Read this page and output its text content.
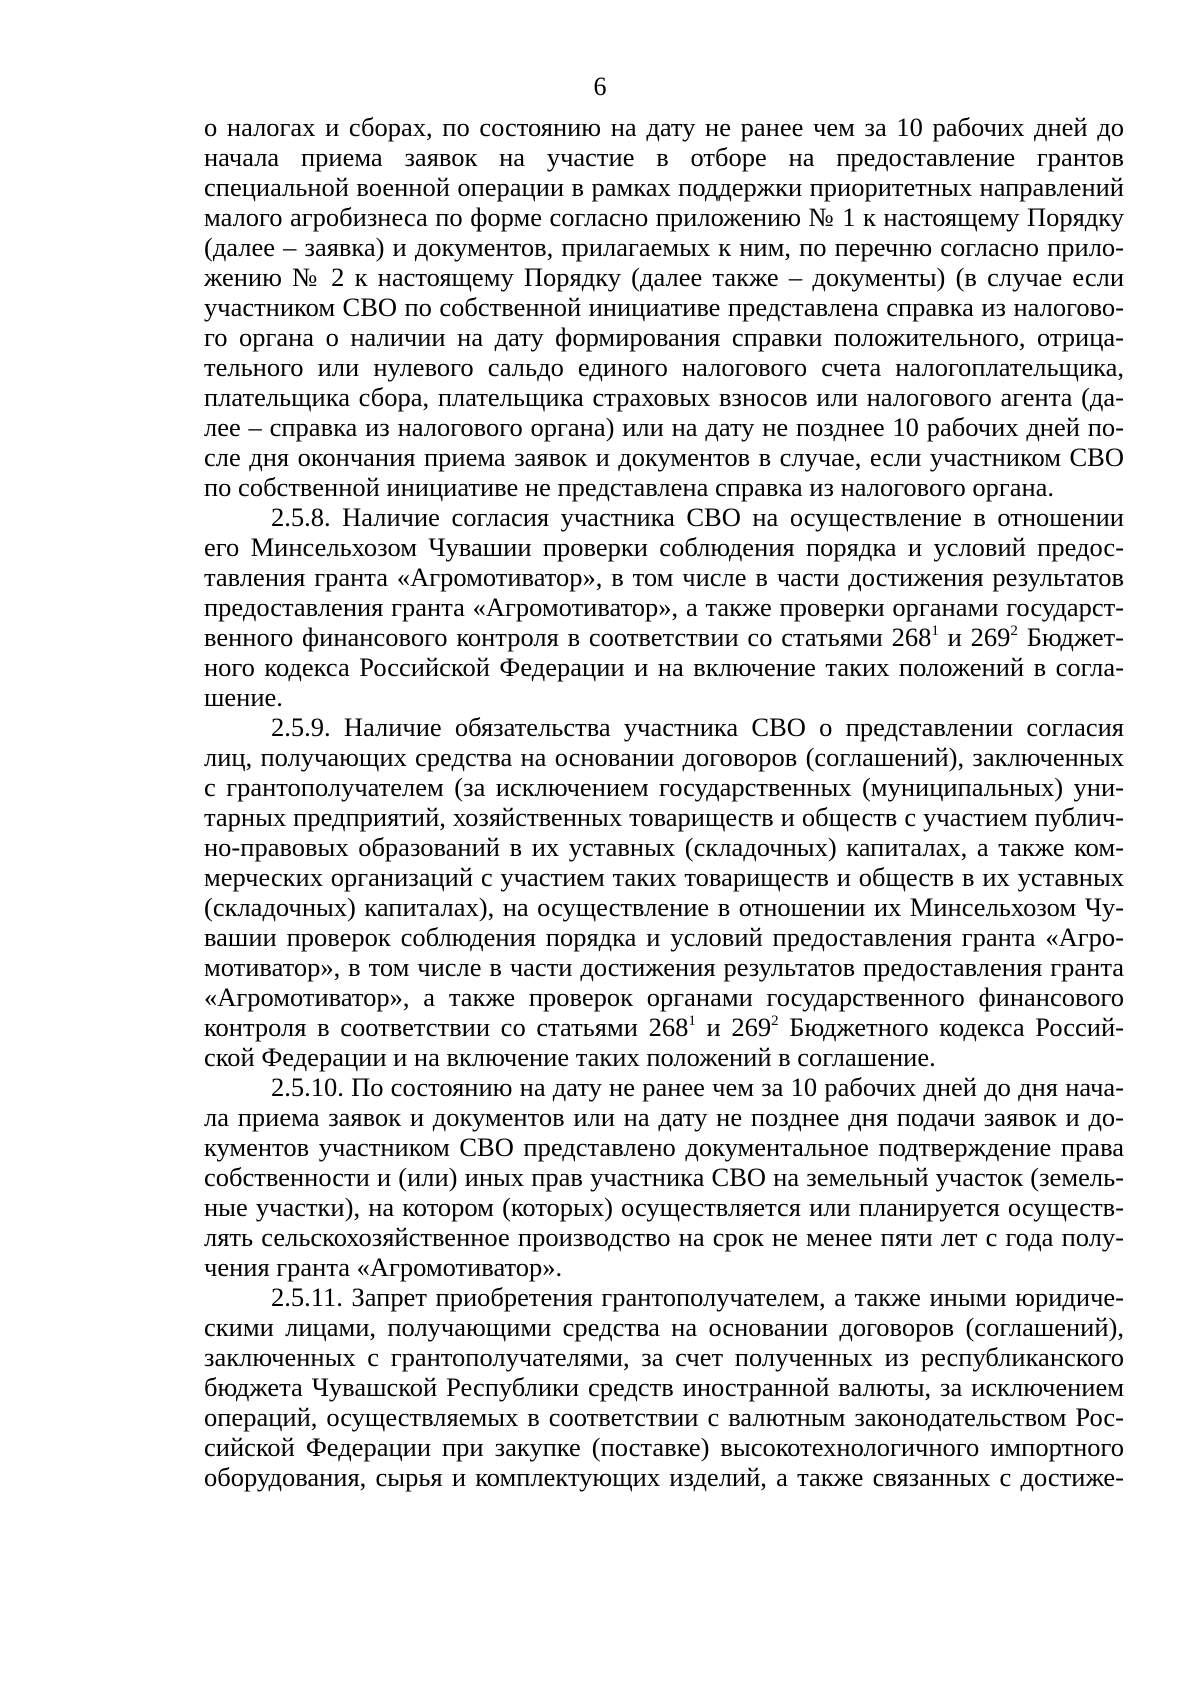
6
о налогах и сборах, по состоянию на дату не ранее чем за 10 рабочих дней до
начала приема заявок на участие в отборе на предоставление грантов
специальной военной операции в рамках поддержки приоритетных направлений
малого агробизнеса по форме согласно приложению № 1 к настоящему Порядку
(далее – заявка) и документов, прилагаемых к ним, по перечню согласно прило-
жению № 2 к настоящему Порядку (далее также – документы) (в случае если
участником СВО по собственной инициативе представлена справка из налогово-
го органа о наличии на дату формирования справки положительного, отрица-
тельного или нулевого сальдо единого налогового счета налогоплательщика,
плательщика сбора, плательщика страховых взносов или налогового агента (да-
лее – справка из налогового органа) или на дату не позднее 10 рабочих дней по-
сле дня окончания приема заявок и документов в случае, если участником СВО
по собственной инициативе не представлена справка из налогового органа.
2.5.8. Наличие согласия участника СВО на осуществление в отношении
его Минсельхозом Чувашии проверки соблюдения порядка и условий предос-
тавления гранта «Агромотиватор», в том числе в части достижения результатов
предоставления гранта «Агромотиватор», а также проверки органами государст-
венного финансового контроля в соответствии со статьями $268^1$ и $269^2$ Бюджет-
ного кодекса Российской Федерации и на включение таких положений в согла-
шение.
2.5.9. Наличие обязательства участника СВО о представлении согласия
лиц, получающих средства на основании договоров (соглашений), заключенных
с грантополучателем (за исключением государственных (муниципальных) уни-
тарных предприятий, хозяйственных товариществ и обществ с участием публич-
но-правовых образований в их уставных (складочных) капиталах, а также ком-
мерческих организаций с участием таких товариществ и обществ в их уставных
(складочных) капиталах), на осуществление в отношении их Минсельхозом Чу-
вашии проверок соблюдения порядка и условий предоставления гранта «Агро-
мотиватор», в том числе в части достижения результатов предоставления гранта
«Агромотиватор», а также проверок органами государственного финансового
контроля в соответствии со статьями $268^1$ и $269^2$ Бюджетного кодекса Россий-
ской Федерации и на включение таких положений в соглашение.
2.5.10. По состоянию на дату не ранее чем за 10 рабочих дней до дня нача-
ла приема заявок и документов или на дату не позднее дня подачи заявок и до-
кументов участником СВО представлено документальное подтверждение права
собственности и (или) иных прав участника СВО на земельный участок (земель-
ные участки), на котором (которых) осуществляется или планируется осуществ-
лять сельскохозяйственное производство на срок не менее пяти лет с года полу-
чения гранта «Агромотиватор».
2.5.11. Запрет приобретения грантополучателем, а также иными юридиче-
скими лицами, получающими средства на основании договоров (соглашений),
заключенных с грантополучателями, за счет полученных из республиканского
бюджета Чувашской Республики средств иностранной валюты, за исключением
операций, осуществляемых в соответствии с валютным законодательством Рос-
сийской Федерации при закупке (поставке) высокотехнологичного импортного
оборудования, сырья и комплектующих изделий, а также связанных с достиже-
